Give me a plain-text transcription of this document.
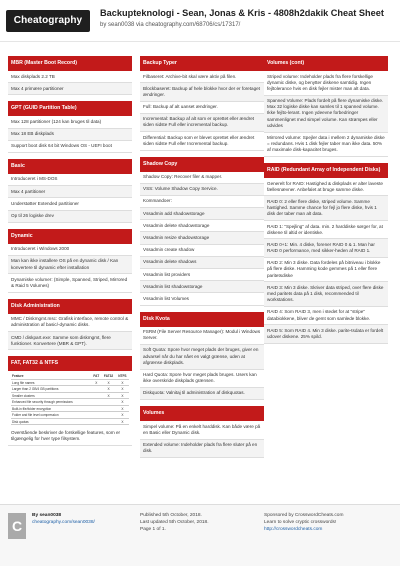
Cheatography
Backupteknologi - Sean, Jonas & Kris - 4808h2dakik Cheat Sheet
by sean0038 via cheatography.com/68706/cs/17317/
MBR (Master Boot Record)
Max diskplads 2.2 TB
Max 4 primære partitioner
GPT (GUID Partition Table)
Max 128 partitioner (124 kan bruges til data)
Max 18 EB diskplads
Support boot disk 64 bit Windows OS - UEFI boot
Basic
Introduceret i MS-DOS
Max 4 partitioner
Understøtter Extended partitioner
Op til 26 logiske drev
Dynamic
Introduceret i Windows 2000
Man kan ikke installere OS på en dynamic disk / Kan konvertere til dynamic efter installation
Dynamiske volumer: (Simple, Spanned, Striped, Mirrored & Raid 5 Volumes)
Disk Administration
MMC / Diskmgmt.msc: Grafisk interface, remote control & administration af basic/-dynamic disks.
CMD / diskpart.exe: Samme som diskmgmt, flere funktioner. Konvertere (MBR & GPT).
FAT, FAT32 & NTFS
Feature	FAT	FAT32	NTFS
Long file names	X	X	X
Larger than 2 GB/4 GB partitions		X	X
Smaller clusters		X	X
Enhanced file security through permissions			X
Built-in file/folder encryption			X
Folder and file level compression			X
Disk quotas			X
Overstående beskriver de forskellige features, som er tilgængelig for hver type filsystem.
Backup Typer
Filbaseret: Archive-bit skal være aktiv på filen.
Blockbaseret: Backup af hele blokke hvor der er foretaget ændringer.
Full: Backup af alt uanset ændringer.
Incremental: Backup af alt som er oprettet eller ændret siden sidste Full eller incremental backup.
Differential: Backup som er blevet oprettet eller ændret siden sidste Full eller Incremental backup.
Shadow Copy
Shadow Copy: Recover filer & mapper.
VSS: Volume Shadow Copy Service.
Kommandoer:
Vssadmin add shadowstorage
Vssadmin delete shadowstorage
Vssadmin resize shadowstorage
Vssadmin create shadow
Vssadmin delete shadows
Vssadmin list providers
Vssadmin list shadowstorage
Vssadmin list Volumes
Disk Kvota
FSRM (File Server Resource Manager): Modul i Windows Server.
Soft Quota: Spore hvor meget plads der bruges, giver en advarsel når du har nået en valgt grænse, uden at afgrænse diskplads.
Hard Quota: Spore hvor meget plads bruges. Users kan ikke overskride diskplads grænsen.
Diskquota: Valnitaj til administration af diskquotas.
Volumes
Simpel volume: På en enkelt harddisk. Kan både være på en Basic eller Dynamic disk.
Extended volume: Indeholder plads fra flere sluter på en disk.
Volumes (cont)
Striped volume: Indeholder plads fra flere forskellige dynamic diske, og benytter diskene samtidig. Ingen fejltolerance hvis en disk fejler mister man alt data.
Spanned Volume: Plads fordelt på flere dynamiske diske. Max 32 logiske diske kan samles til 1 spanned volume. Ikke fejlto-lerant. Ingen ydeevne forbedringer sammenlignet med simpel volume. Kan strømpes eller udvides
Mirrored volume: Spejler data i mellem 2 dynamiske diske = redundans. Hvis 1 disk fejler taber man ikke data. 50% af maximale disk-kapacitet bruges.
RAID (Redundant Array of Independent Disks)
Generelt for RAID: Hastighed & diskplads er alter laveste fællesnævner. Anbefalet at bruge samme diske.
RAID 0: 2 eller flere diske, striped volume. Samme hastighed. Samme chance for fejl jo flere diske, hvis 1 disk der taber man alt data.
RAID 1: "Spejling" af data. min. 2 harddiske sørger for, at diskene til altid er identiske.
RAID 0+1: Min. 4 diske, forener RAID 0 & 1. Man har RAID 0 performance, med sikker-heden af RAID 1.
RAID 2: Min 3 diske. Data fordeles på bitniveau i blokke på flere diske. Hamming kode gemmes på 1 eller flere paritetsdiske
RAID 3: Min 3 diske. Skriver data striped, over flere diske med paritets data på 1 disk, recommended til workstations.
RAID 4: Som RAID 3, men i stedet for at "stripe" databiokkene, bliver de gemt som samlede blokke.
RAID 5: Som RAID 4. Min 3 diske. parite-tsdata er fordelt udover diskene. 25% spild.
C
By sean0038
cheatography.com/sean0038/
Published 5th October, 2018.
Last updated 5th October, 2018.
Page 1 of 1.
Sponsored by CrosswordCheats.com
Learn to solve cryptic crosswords!
http://crosswordcheats.com
